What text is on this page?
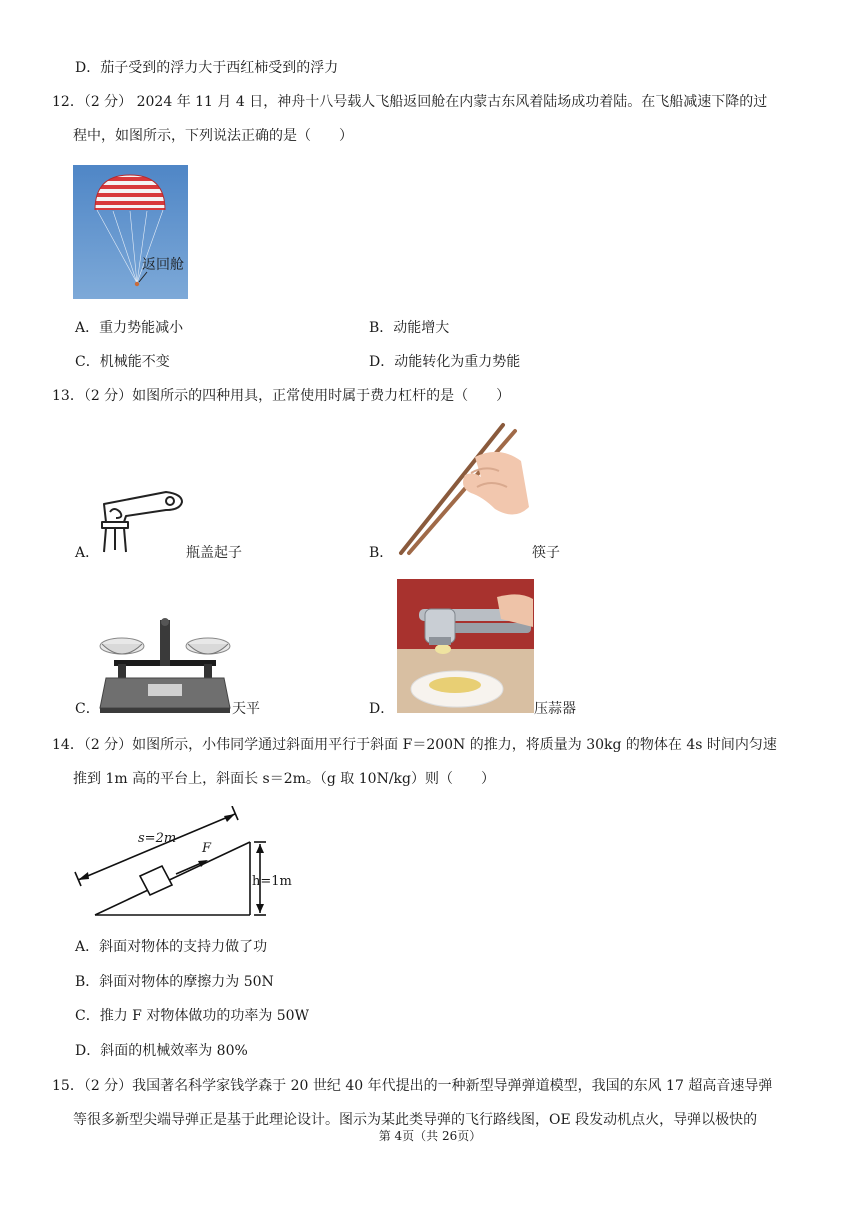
D．茄子受到的浮力大于西红柿受到的浮力
12．（2 分） 2024 年 11 月 4 日，神舟十八号载人飞船返回舱在内蒙古东风着陆场成功着陆。在飞船减速下降的过
程中，如图所示，下列说法正确的是（　　）
返回舱
A．重力势能减小	B．动能增大
C．机械能不变	D．动能转化为重力势能
13．（2 分）如图所示的四种用具，正常使用时属于费力杠杆的是（　　）
A．	瓶盖起子	B．	筷子
C．	天平	D．	压蒜器
14．（2 分）如图所示，小伟同学通过斜面用平行于斜面 F＝200N 的推力，将质量为 30kg 的物体在 4s 时间内匀速
推到 1m 高的平台上，斜面长 s＝2m。（g 取 10N/kg）则（　　）
s=2m
F
h=1m
A．斜面对物体的支持力做了功
B．斜面对物体的摩擦力为 50N
C．推力 F 对物体做功的功率为 50W
D．斜面的机械效率为 80%
15．（2 分）我国著名科学家钱学森于 20 世纪 40 年代提出的一种新型导弹弹道模型，我国的东风 17 超高音速导弹
等很多新型尖端导弹正是基于此理论设计。图示为某此类导弹的飞行路线图，OE 段发动机点火，导弹以极快的
第 4页（共 26页）
